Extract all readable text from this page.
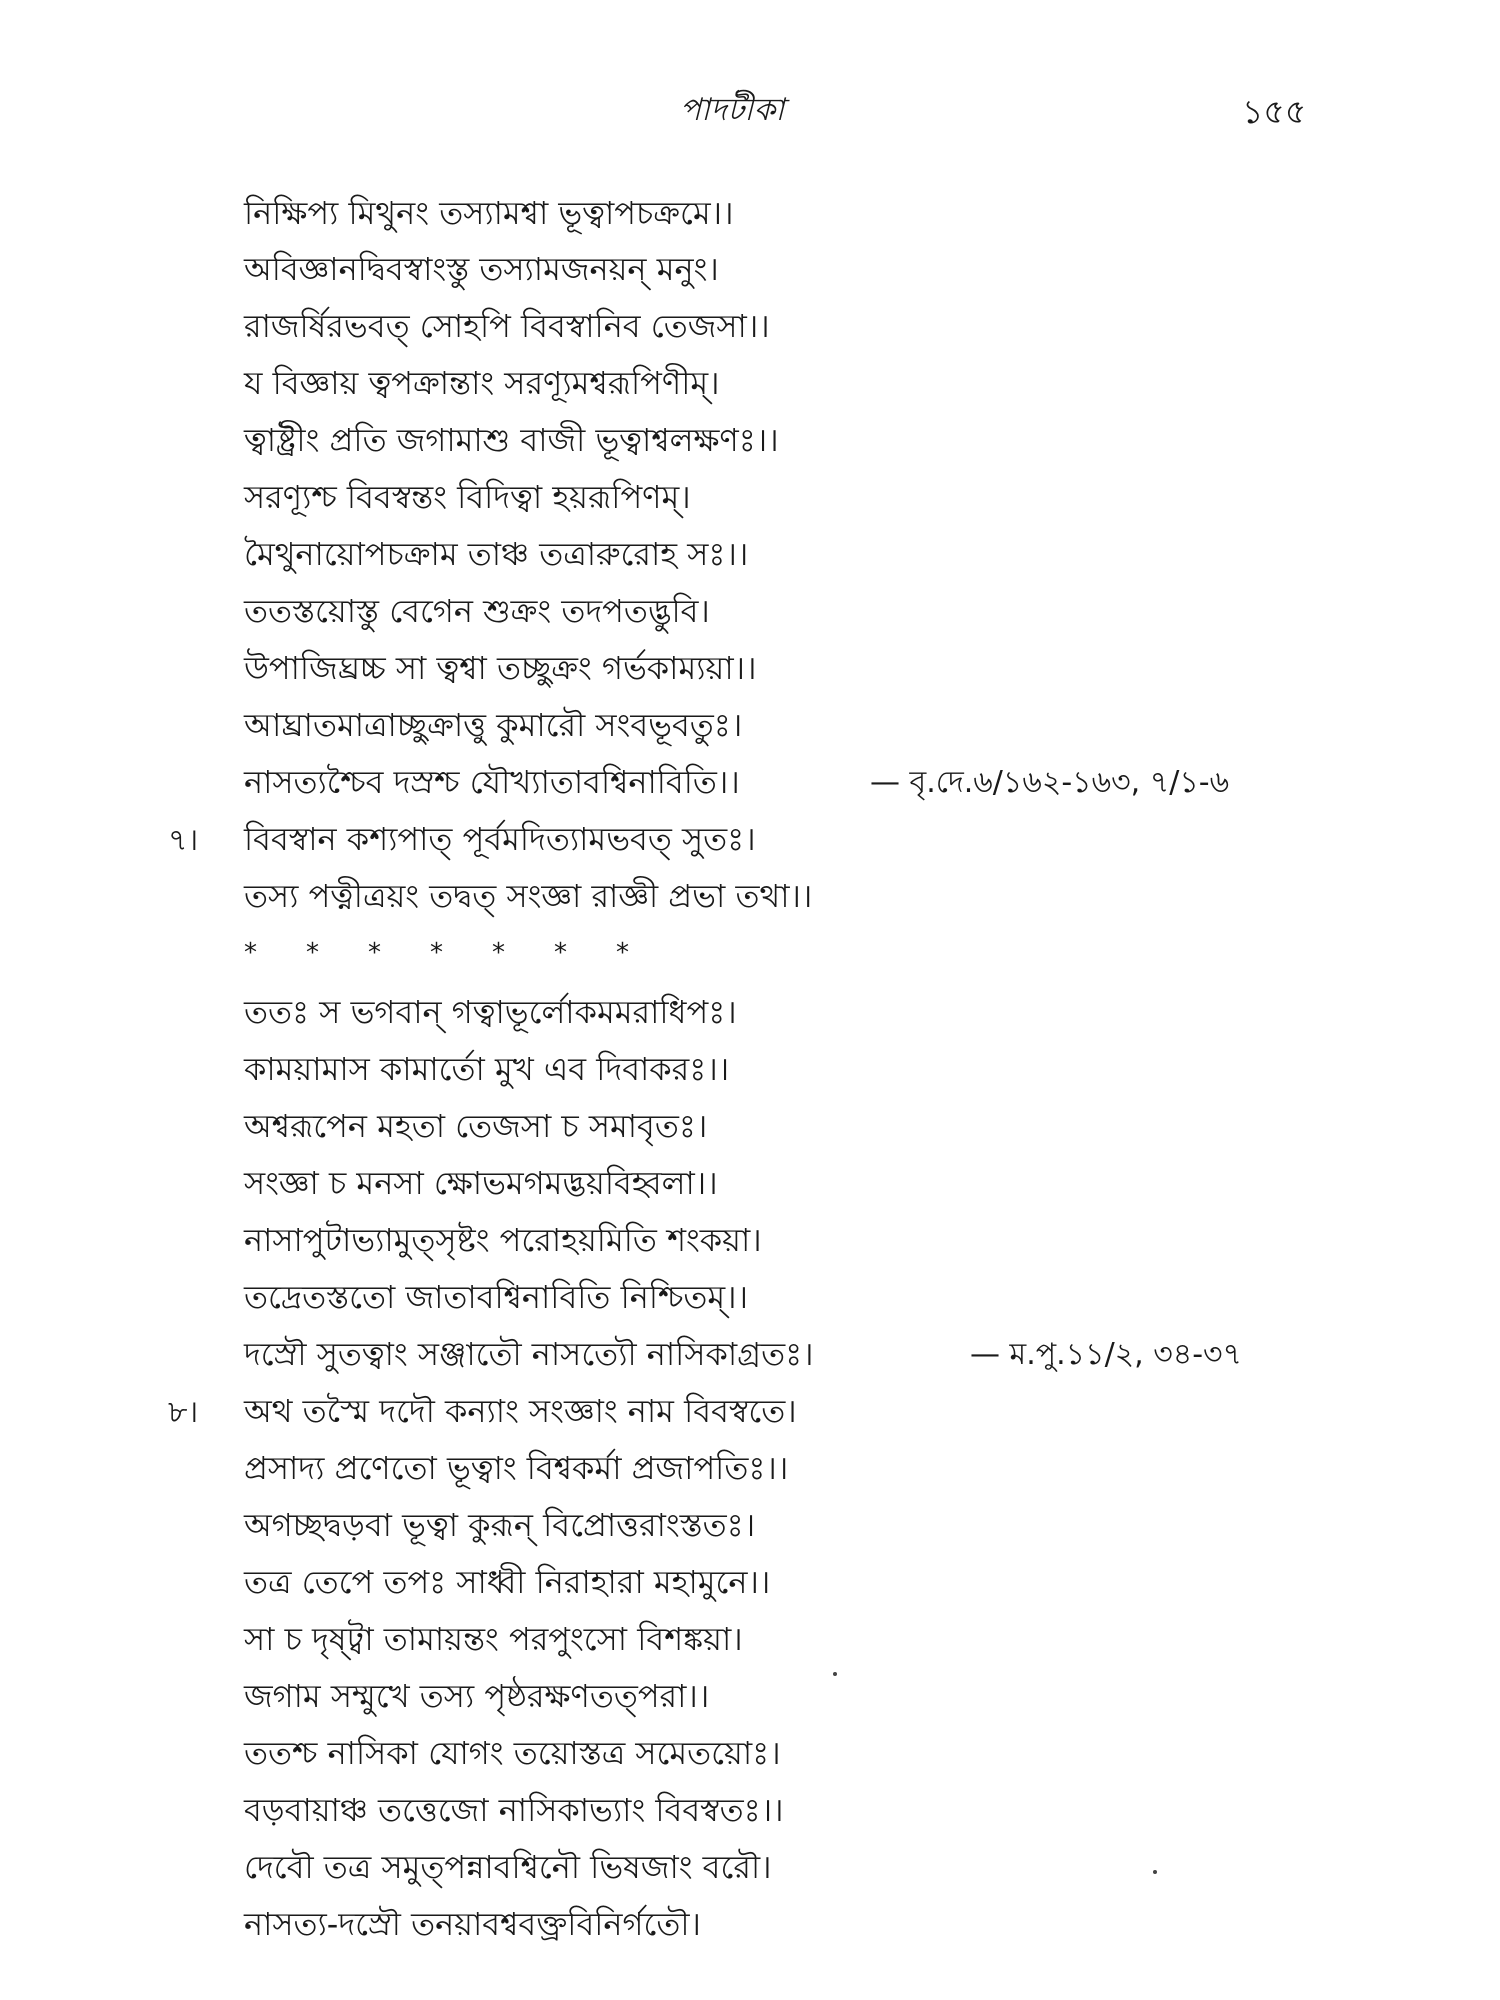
পাদটীকা	১৫৫
নিক্ষিপ্য মিথুনং তস্যামশ্বা ভূত্বাপচক্রমে।।
অবিজ্ঞানদ্বিবস্বাংস্তু তস্যামজনয়ন্ মনুং।
রাজর্ষিরভবত্ সোহপি বিবস্বানিব তেজসা।।
য বিজ্ঞায় ত্বপক্রান্তাং সরণ্যূমশ্বরূপিণীম্।
ত্বাষ্ট্রীং প্রতি জগামাশু বাজী ভূত্বাশ্বলক্ষণঃ।।
সরণ্যূশ্চ বিবস্বন্তং বিদিত্বা হয়রূপিণম্।
মৈথুনায়োপচক্রাম তাঞ্চ তত্রারুরোহ সঃ।।
ততস্তয়োস্তু বেগেন শুক্রং তদপতদ্ভুবি।
উপাজিঘ্রচ্চ সা ত্বশ্বা তচ্ছুক্রং গর্ভকাম্যয়া।।
আঘ্রাতমাত্রাচ্ছুক্রাত্তু কুমারৌ সংবভূবতুঃ।
নাসত্যশ্চৈব দস্রশ্চ যৌখ্যাতাবশ্বিনাবিতি।।	— বৃ.দে.৬/১৬২-১৬৩, ৭/১-৬
৭। বিবস্বান কশ্যপাত্ পূর্বমদিত্যামভবত্ সুতঃ।
তস্য পত্নীত্রয়ং তদ্বত্ সংজ্ঞা রাজ্ঞী প্রভা তথা।।
* * * * * * *
ততঃ স ভগবান্ গত্বাভূর্লোকমমরাধিপঃ।
কাময়ামাস কামার্তো মুখ এব দিবাকরঃ।।
অশ্বরূপেন মহতা তেজসা চ সমাবৃতঃ।
সংজ্ঞা চ মনসা ক্ষোভমগমদ্ভয়বিহ্বলা।।
নাসাপুটাভ্যামুত্সৃষ্টং পরোহয়মিতি শংকয়া।
তদ্রেতস্ততো জাতাবশ্বিনাবিতি নিশ্চিতম্।।
দস্রৌ সুতত্বাং সঞ্জাতৌ নাসত্যৌ নাসিকাগ্রতঃ।	— ম.পু.১১/২, ৩৪-৩৭
৮। অথ তস্মৈ দদৌ কন্যাং সংজ্ঞাং নাম বিবস্বতে।
প্রসাদ্য প্রণেতো ভূত্বাং বিশ্বকর্মা প্রজাপতিঃ।।
অগচ্ছদ্বড়বা ভূত্বা কুরূন্ বিপ্রোত্তরাংস্ততঃ।
তত্র তেপে তপঃ সাধ্বী নিরাহারা মহামুনে।।
সা চ দৃষ্ট্বা তামায়ন্তং পরপুংসো বিশঙ্কয়া।
জগাম সম্মুখে তস্য পৃষ্ঠরক্ষণতত্পরা।।
ততশ্চ নাসিকা যোগং তয়োস্তত্র সমেতয়োঃ।
বড়বায়াঞ্চ তত্তেজো নাসিকাভ্যাং বিবস্বতঃ।।
দেবৌ তত্র সমুত্পন্নাবশ্বিনৌ ভিষজাং বরৌ।
নাসত্য-দস্রৌ তনয়াবশ্ববক্ত্রবিনির্গতৌ।
